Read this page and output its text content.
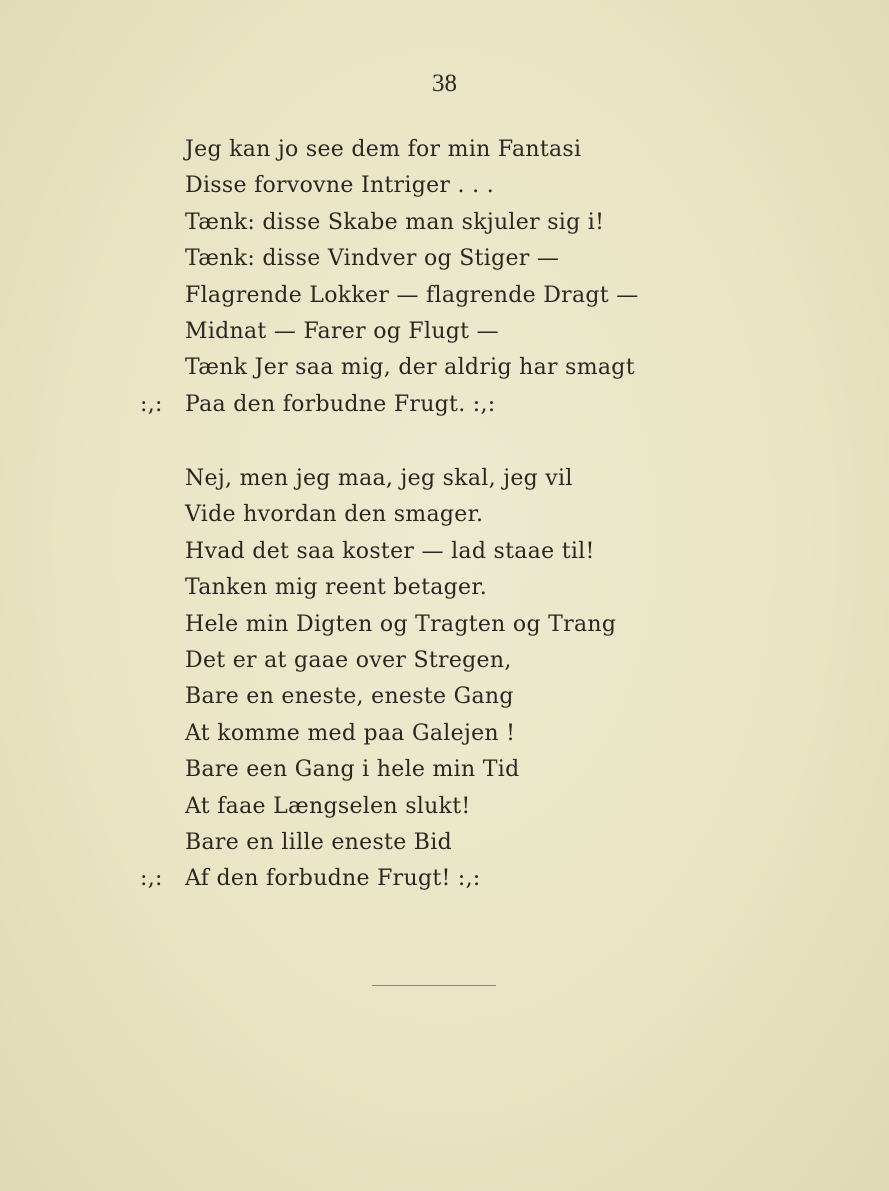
38
Jeg kan jo see dem for min Fantasi
Disse forvovne Intriger . . .
Tænk: disse Skabe man skjuler sig i!
Tænk: disse Vindver og Stiger —
Flagrende Lokker — flagrende Dragt —
Midnat — Farer og Flugt —
Tænk Jer saa mig, der aldrig har smagt
:,: Paa den forbudne Frugt. :,:
Nej, men jeg maa, jeg skal, jeg vil
Vide hvordan den smager.
Hvad det saa koster — lad staae til!
Tanken mig reent betager.
Hele min Digten og Tragten og Trang
Det er at gaae over Stregen,
Bare en eneste, eneste Gang
At komme med paa Galejen !
Bare een Gang i hele min Tid
At faae Længselen slukt!
Bare en lille eneste Bid
:,: Af den forbudne Frugt! :,:
